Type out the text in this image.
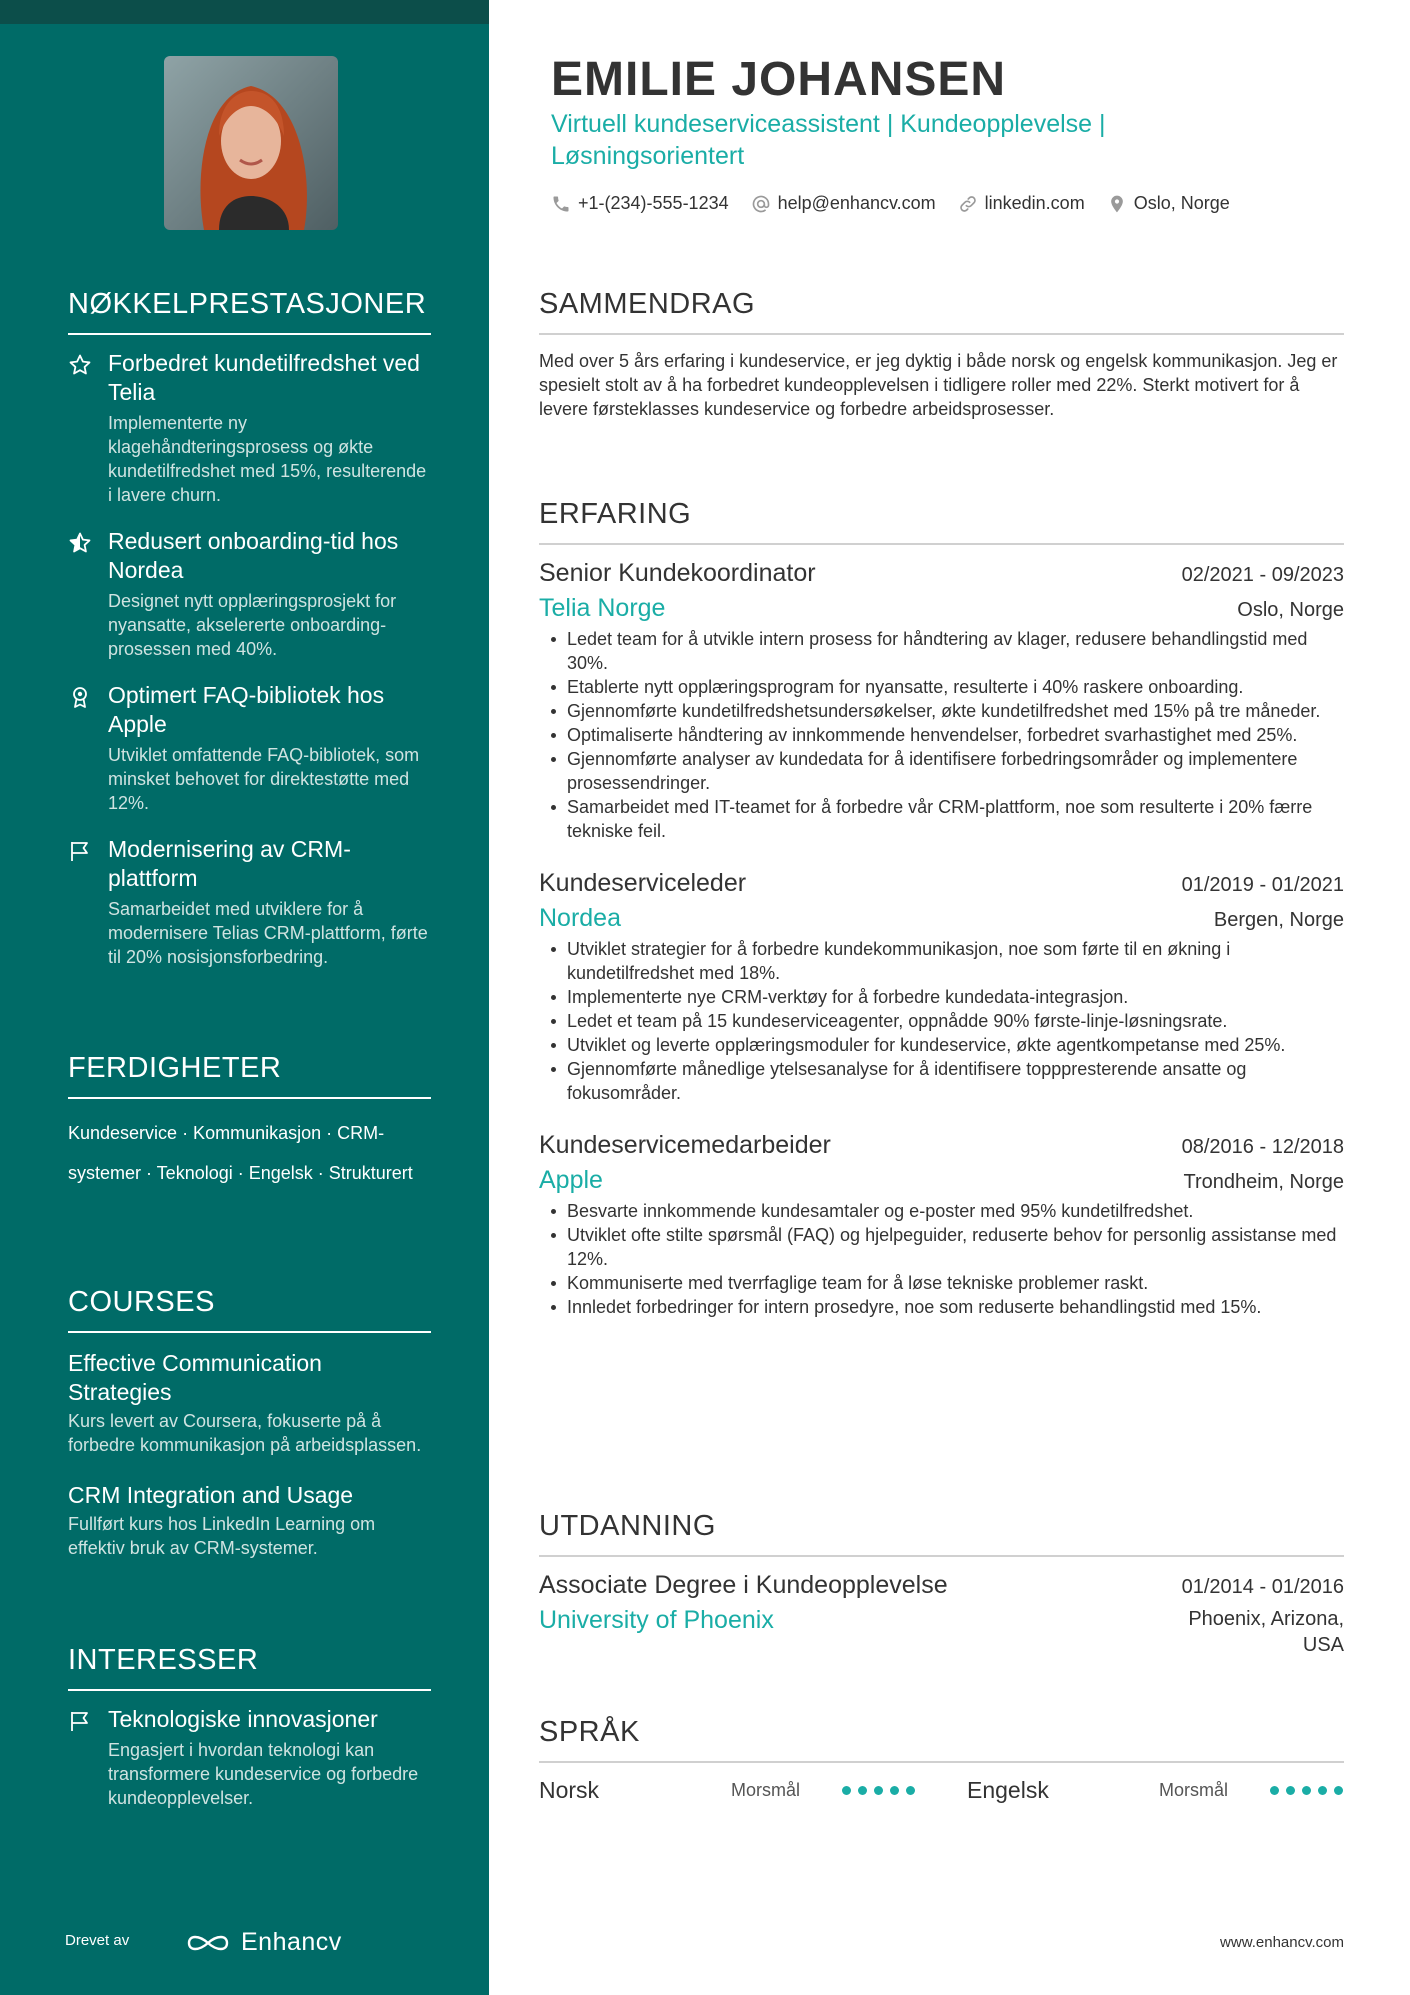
NØKKELPRESTASJONER
Forbedret kundetilfredshet ved Telia
Implementerte ny klagehåndteringsprosess og økte kundetilfredshet med 15%, resulterende i lavere churn.
Redusert onboarding-tid hos Nordea
Designet nytt opplæringsprosjekt for nyansatte, akselererte onboarding-prosessen med 40%.
Optimert FAQ-bibliotek hos Apple
Utviklet omfattende FAQ-bibliotek, som minsket behovet for direktestøtte med 12%.
Modernisering av CRM-plattform
Samarbeidet med utviklere for å modernisere Telias CRM-plattform, førte til 20% nosisjonsforbedring.
FERDIGHETER
Kundeservice · Kommunikasjon · CRM-systemer · Teknologi · Engelsk · Strukturert
COURSES
Effective Communication Strategies
Kurs levert av Coursera, fokuserte på å forbedre kommunikasjon på arbeidsplassen.
CRM Integration and Usage
Fullført kurs hos LinkedIn Learning om effektiv bruk av CRM-systemer.
INTERESSER
Teknologiske innovasjoner
Engasjert i hvordan teknologi kan transformere kundeservice og forbedre kundeopplevelser.
Drevet av	Enhancv
EMILIE JOHANSEN
Virtuell kundeserviceassistent | Kundeopplevelse | Løsningsorientert
+1-(234)-555-1234	help@enhancv.com	linkedin.com	Oslo, Norge
SAMMENDRAG
Med over 5 års erfaring i kundeservice, er jeg dyktig i både norsk og engelsk kommunikasjon. Jeg er spesielt stolt av å ha forbedret kundeopplevelsen i tidligere roller med 22%. Sterkt motivert for å levere førsteklasses kundeservice og forbedre arbeidsprosesser.
ERFARING
Senior Kundekoordinator	02/2021 - 09/2023
Telia Norge	Oslo, Norge
Ledet team for å utvikle intern prosess for håndtering av klager, redusere behandlingstid med 30%.
Etablerte nytt opplæringsprogram for nyansatte, resulterte i 40% raskere onboarding.
Gjennomførte kundetilfredshetsundersøkelser, økte kundetilfredshet med 15% på tre måneder.
Optimaliserte håndtering av innkommende henvendelser, forbedret svarhastighet med 25%.
Gjennomførte analyser av kundedata for å identifisere forbedringsområder og implementere prosessendringer.
Samarbeidet med IT-teamet for å forbedre vår CRM-plattform, noe som resulterte i 20% færre tekniske feil.
Kundeserviceleder	01/2019 - 01/2021
Nordea	Bergen, Norge
Utviklet strategier for å forbedre kundekommunikasjon, noe som førte til en økning i kundetilfredshet med 18%.
Implementerte nye CRM-verktøy for å forbedre kundedata-integrasjon.
Ledet et team på 15 kundeserviceagenter, oppnådde 90% første-linje-løsningsrate.
Utviklet og leverte opplæringsmoduler for kundeservice, økte agentkompetanse med 25%.
Gjennomførte månedlige ytelsesanalyse for å identifisere topppresterende ansatte og fokusområder.
Kundeservicemedarbeider	08/2016 - 12/2018
Apple	Trondheim, Norge
Besvarte innkommende kundesamtaler og e-poster med 95% kundetilfredshet.
Utviklet ofte stilte spørsmål (FAQ) og hjelpeguider, reduserte behov for personlig assistanse med 12%.
Kommuniserte med tverrfaglige team for å løse tekniske problemer raskt.
Innledet forbedringer for intern prosedyre, noe som reduserte behandlingstid med 15%.
UTDANNING
Associate Degree i Kundeopplevelse	01/2014 - 01/2016
University of Phoenix	Phoenix, Arizona, USA
SPRÅK
Norsk	Morsmål	Engelsk	Morsmål
www.enhancv.com
